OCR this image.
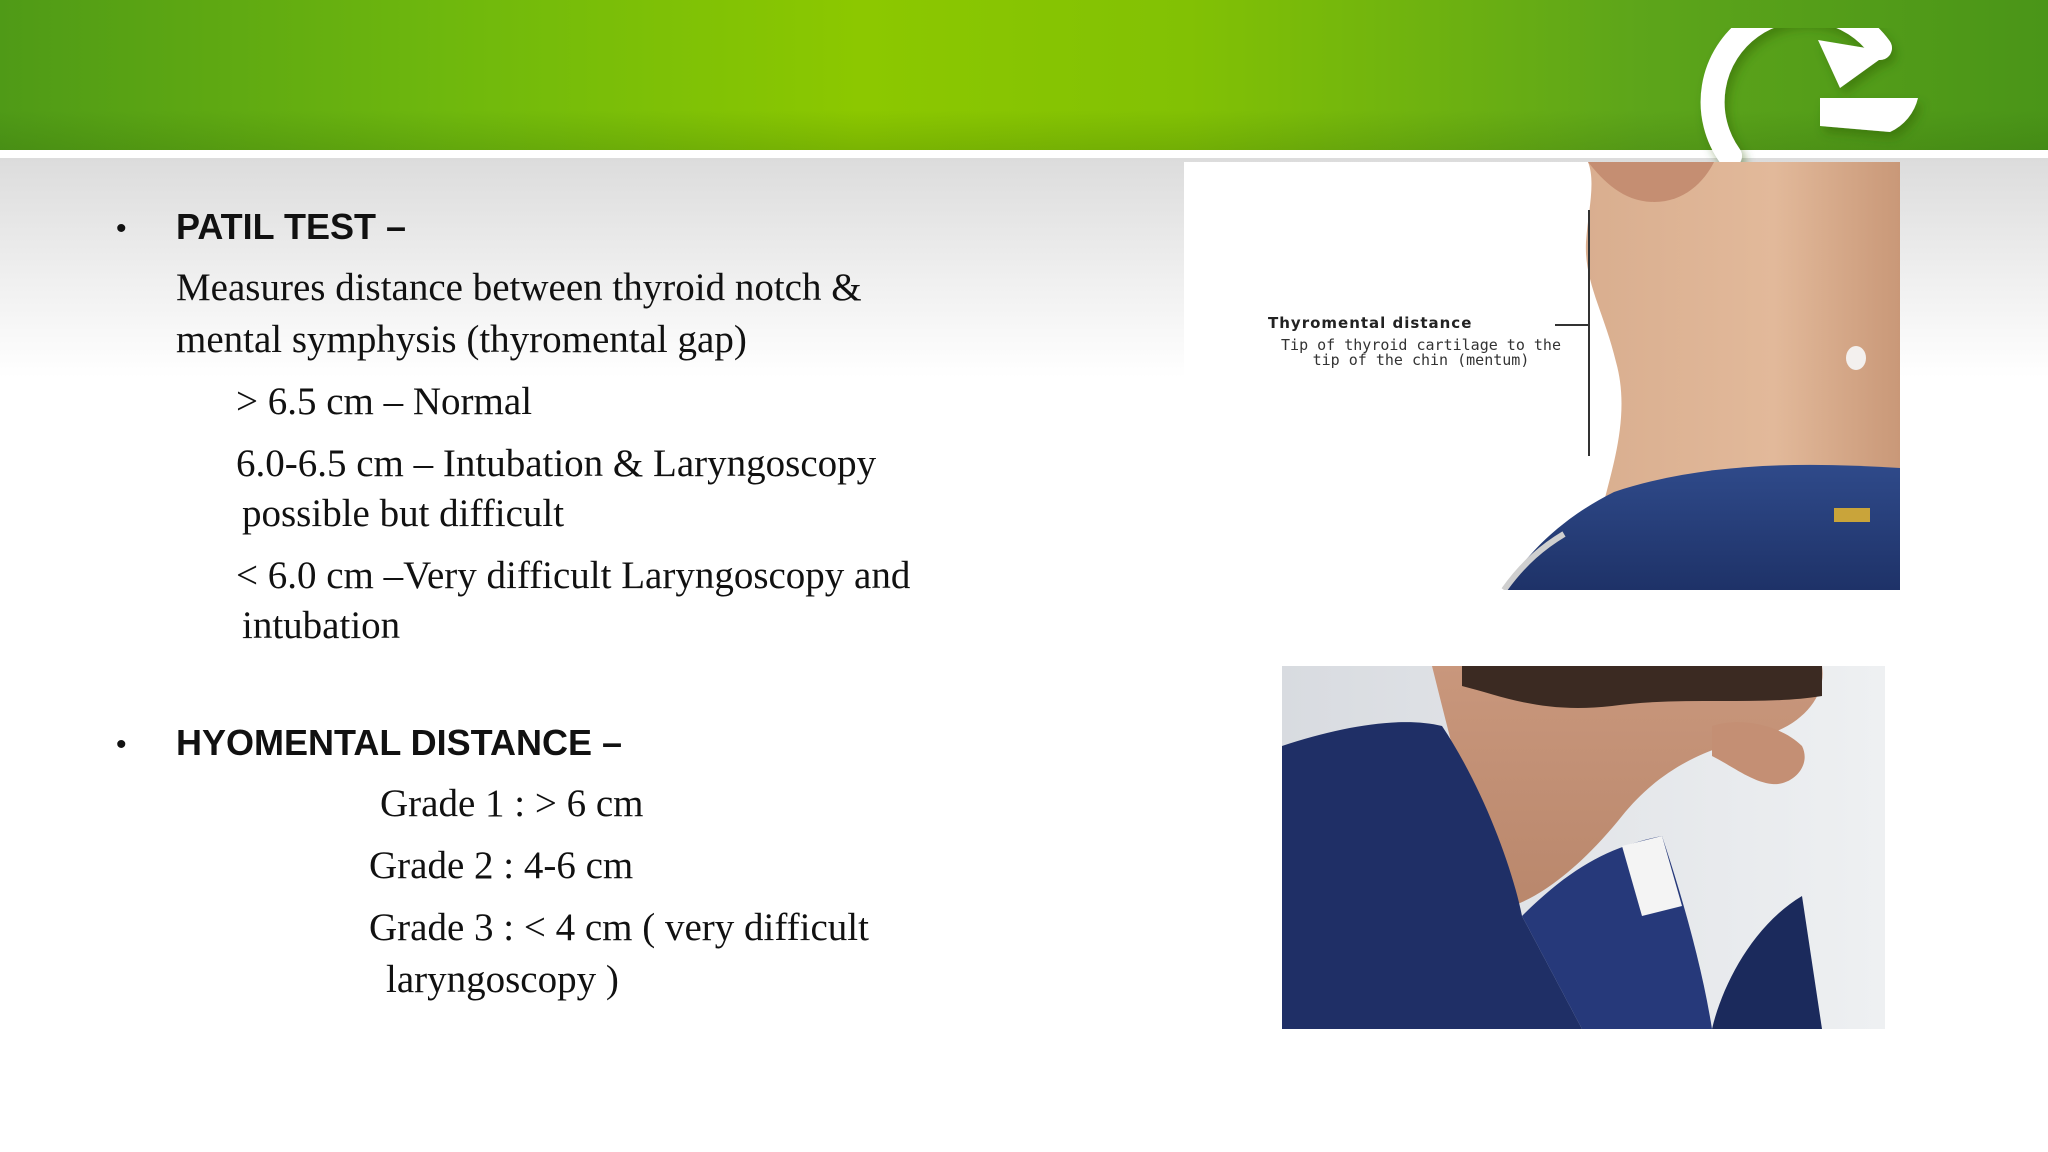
• PATIL TEST –
Measures distance between thyroid notch &
mental symphysis (thyromental gap)
> 6.5 cm – Normal
6.0-6.5 cm – Intubation & Laryngoscopy
possible but difficult
< 6.0 cm –Very difficult Laryngoscopy and
intubation
• HYOMENTAL DISTANCE –
Grade 1 : > 6 cm
Grade 2 : 4-6 cm
Grade 3 : < 4 cm ( very difficult
laryngoscopy )
Thyromental distance
Tip of thyroid cartilage to the tip of the chin (mentum)
